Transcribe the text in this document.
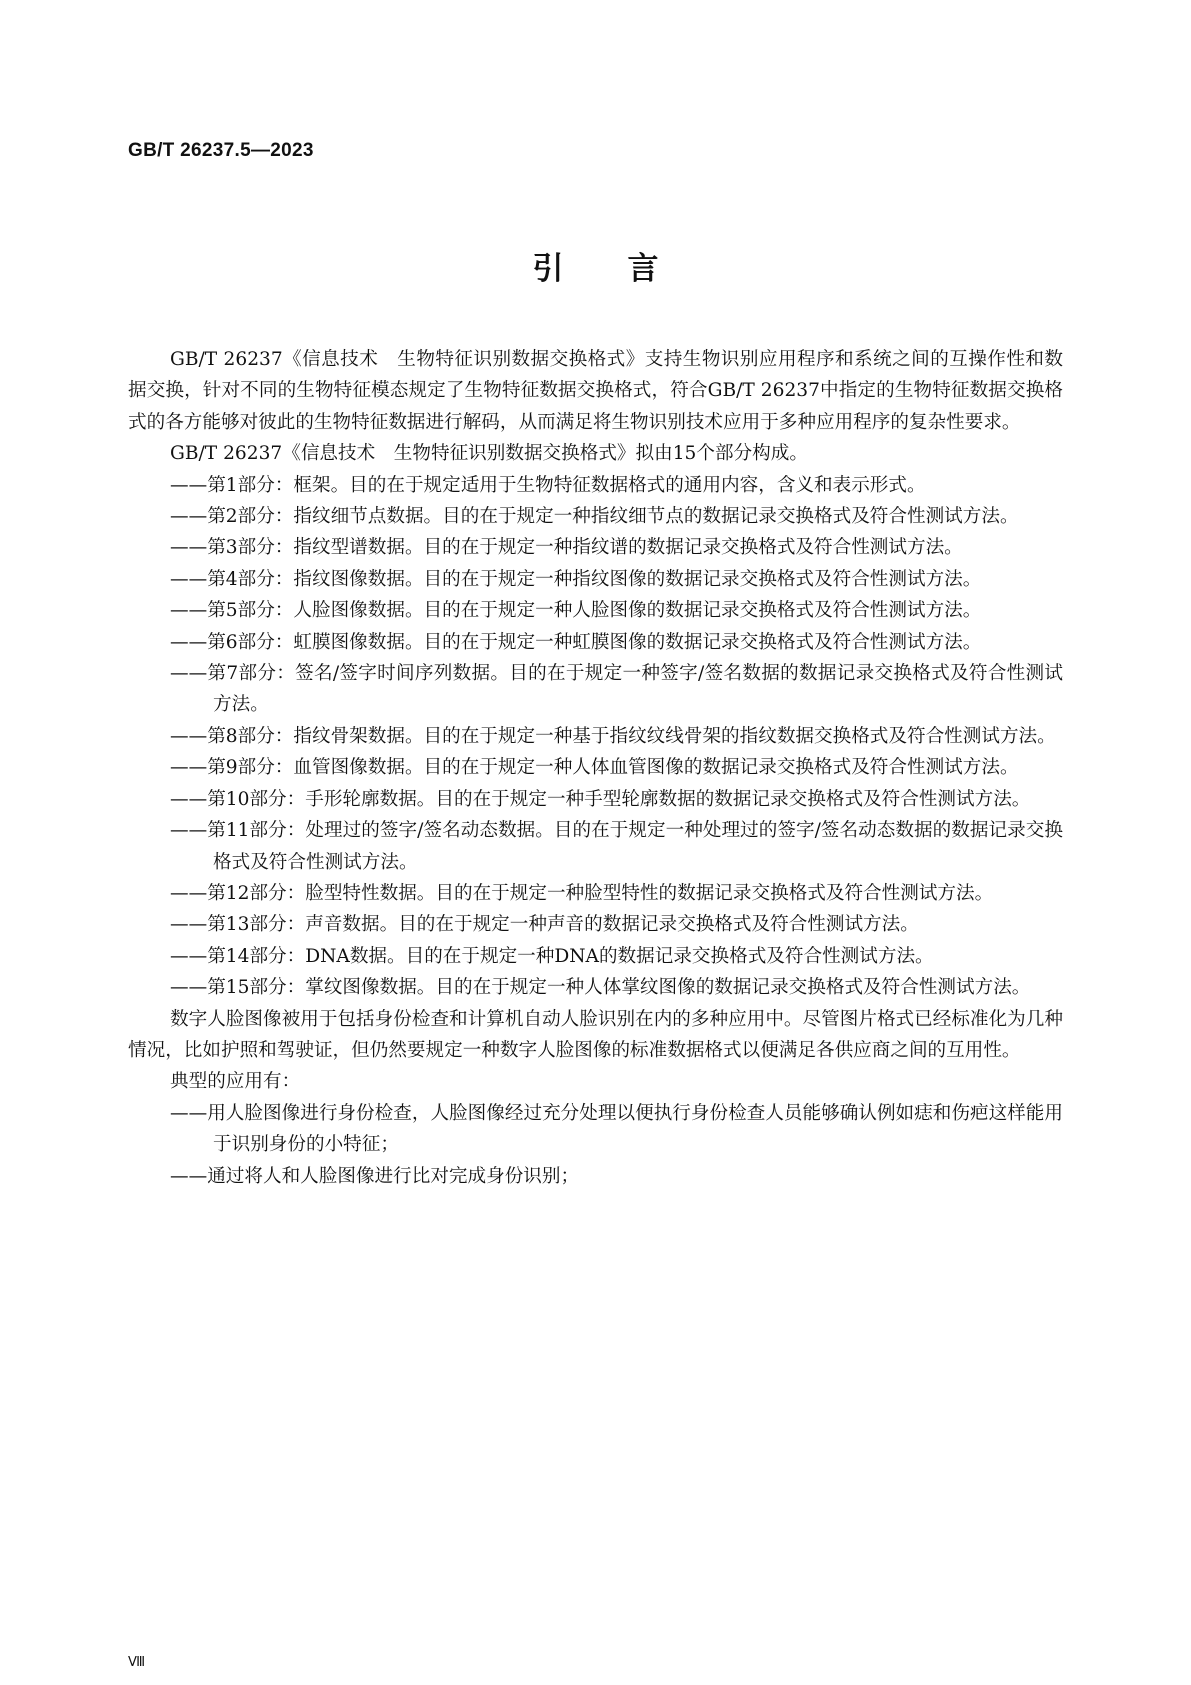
GB/T 26237.5—2023
引言

GB/T 26237《信息技术　生物特征识别数据交换格式》支持生物识别应用程序和系统之间的互操作性和数据交换，针对不同的生物特征模态规定了生物特征数据交换格式，符合GB/T 26237中指定的生物特征数据交换格式的各方能够对彼此的生物特征数据进行解码，从而满足将生物识别技术应用于多种应用程序的复杂性要求。

GB/T 26237《信息技术　生物特征识别数据交换格式》拟由15个部分构成。

——第1部分：框架。目的在于规定适用于生物特征数据格式的通用内容，含义和表示形式。

——第2部分：指纹细节点数据。目的在于规定一种指纹细节点的数据记录交换格式及符合性测试方法。

——第3部分：指纹型谱数据。目的在于规定一种指纹谱的数据记录交换格式及符合性测试方法。

——第4部分：指纹图像数据。目的在于规定一种指纹图像的数据记录交换格式及符合性测试方法。

——第5部分：人脸图像数据。目的在于规定一种人脸图像的数据记录交换格式及符合性测试方法。

——第6部分：虹膜图像数据。目的在于规定一种虹膜图像的数据记录交换格式及符合性测试方法。

——第7部分：签名/签字时间序列数据。目的在于规定一种签字/签名数据的数据记录交换格式及符合性测试方法。

——第8部分：指纹骨架数据。目的在于规定一种基于指纹纹线骨架的指纹数据交换格式及符合性测试方法。

——第9部分：血管图像数据。目的在于规定一种人体血管图像的数据记录交换格式及符合性测试方法。

——第10部分：手形轮廓数据。目的在于规定一种手型轮廓数据的数据记录交换格式及符合性测试方法。

——第11部分：处理过的签字/签名动态数据。目的在于规定一种处理过的签字/签名动态数据的数据记录交换格式及符合性测试方法。

——第12部分：脸型特性数据。目的在于规定一种脸型特性的数据记录交换格式及符合性测试方法。

——第13部分：声音数据。目的在于规定一种声音的数据记录交换格式及符合性测试方法。

——第14部分：DNA数据。目的在于规定一种DNA的数据记录交换格式及符合性测试方法。

——第15部分：掌纹图像数据。目的在于规定一种人体掌纹图像的数据记录交换格式及符合性测试方法。

数字人脸图像被用于包括身份检查和计算机自动人脸识别在内的多种应用中。尽管图片格式已经标准化为几种情况，比如护照和驾驶证，但仍然要规定一种数字人脸图像的标准数据格式以便满足各供应商之间的互用性。

典型的应用有：

——用人脸图像进行身份检查，人脸图像经过充分处理以便执行身份检查人员能够确认例如痣和伤疤这样能用于识别身份的小特征；

——通过将人和人脸图像进行比对完成身份识别；

Ⅷ
